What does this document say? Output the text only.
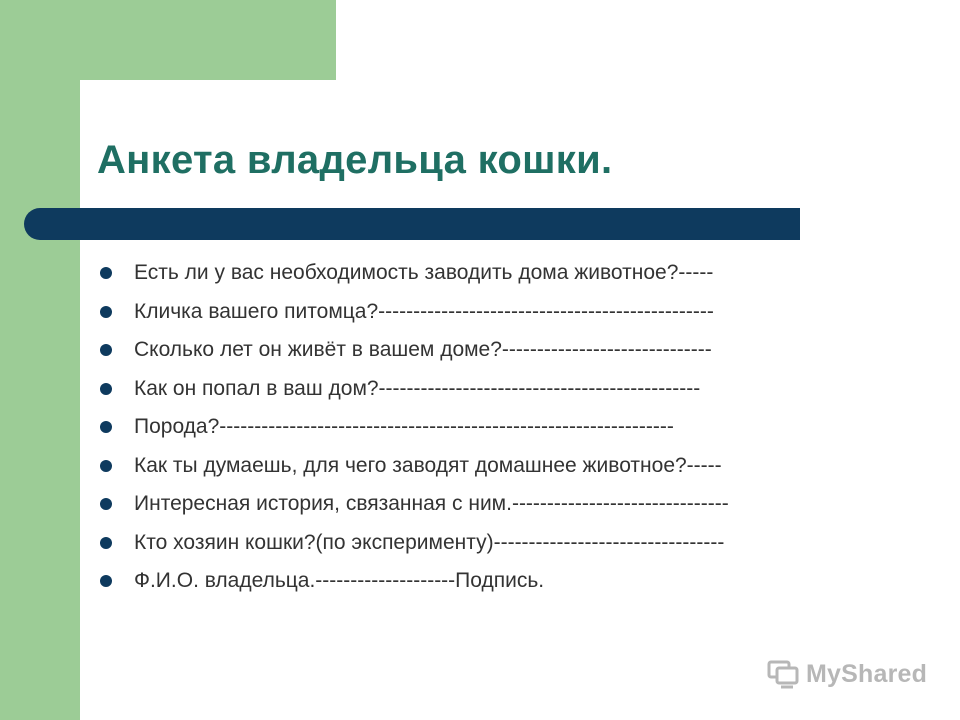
Анкета владельца кошки.
Есть ли у вас необходимость заводить дома животное?-----
Кличка вашего питомца?------------------------------------------------
Сколько лет он живёт в вашем доме?------------------------------
Как он попал в ваш дом?----------------------------------------------
Порода?-----------------------------------------------------------------
Как ты думаешь, для чего заводят домашнее животное?-----
Интересная история, связанная с ним.-------------------------------
Кто хозяин кошки?(по эксперименту)---------------------------------
Ф.И.О. владельца.--------------------Подпись.
MyShared
